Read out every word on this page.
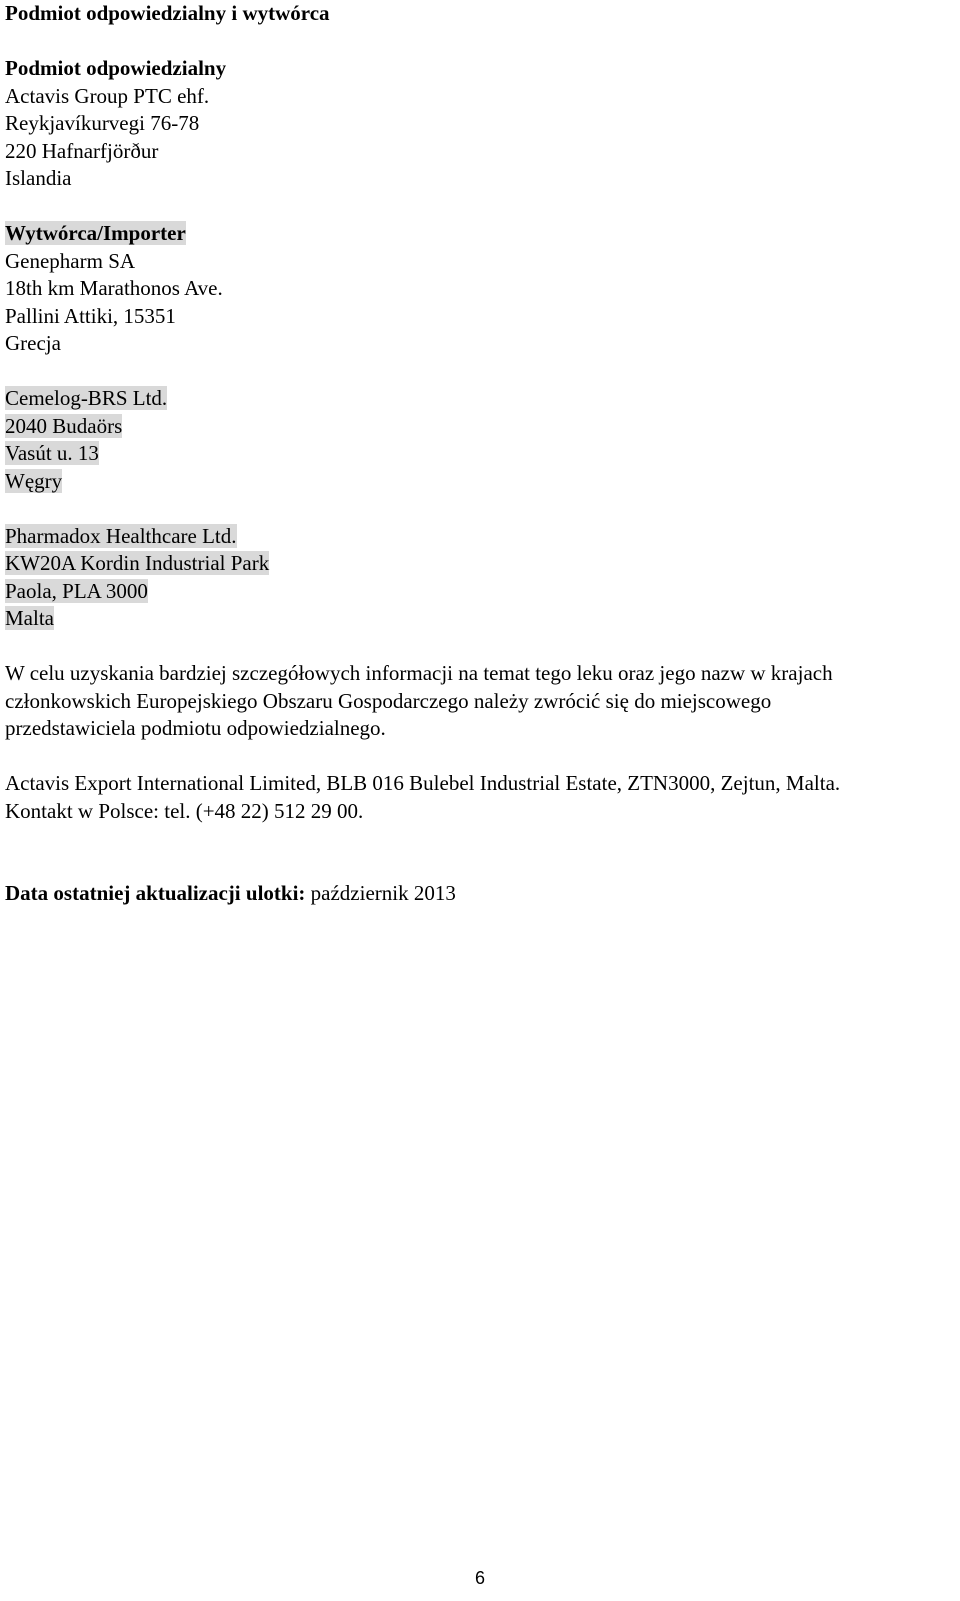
Podmiot odpowiedzialny i wytwórca
Podmiot odpowiedzialny
Actavis Group PTC ehf.
Reykjavíkurvegi 76-78
220 Hafnarfjörður
Islandia
Wytwórca/Importer
Genepharm SA
18th km Marathonos Ave.
Pallini Attiki, 15351
Grecja
Cemelog-BRS Ltd.
2040 Budaörs
Vasút u. 13
Węgry
Pharmadox Healthcare Ltd.
KW20A Kordin Industrial Park
Paola, PLA 3000
Malta
W celu uzyskania bardziej szczegółowych informacji na temat tego leku oraz jego nazw w krajach
członkowskich Europejskiego Obszaru Gospodarczego należy zwrócić się do miejscowego
przedstawiciela podmiotu odpowiedzialnego.
Actavis Export International Limited, BLB 016 Bulebel Industrial Estate, ZTN3000, Zejtun, Malta.
Kontakt w Polsce: tel. (+48 22) 512 29 00.
Data ostatniej aktualizacji ulotki: październik 2013
6
